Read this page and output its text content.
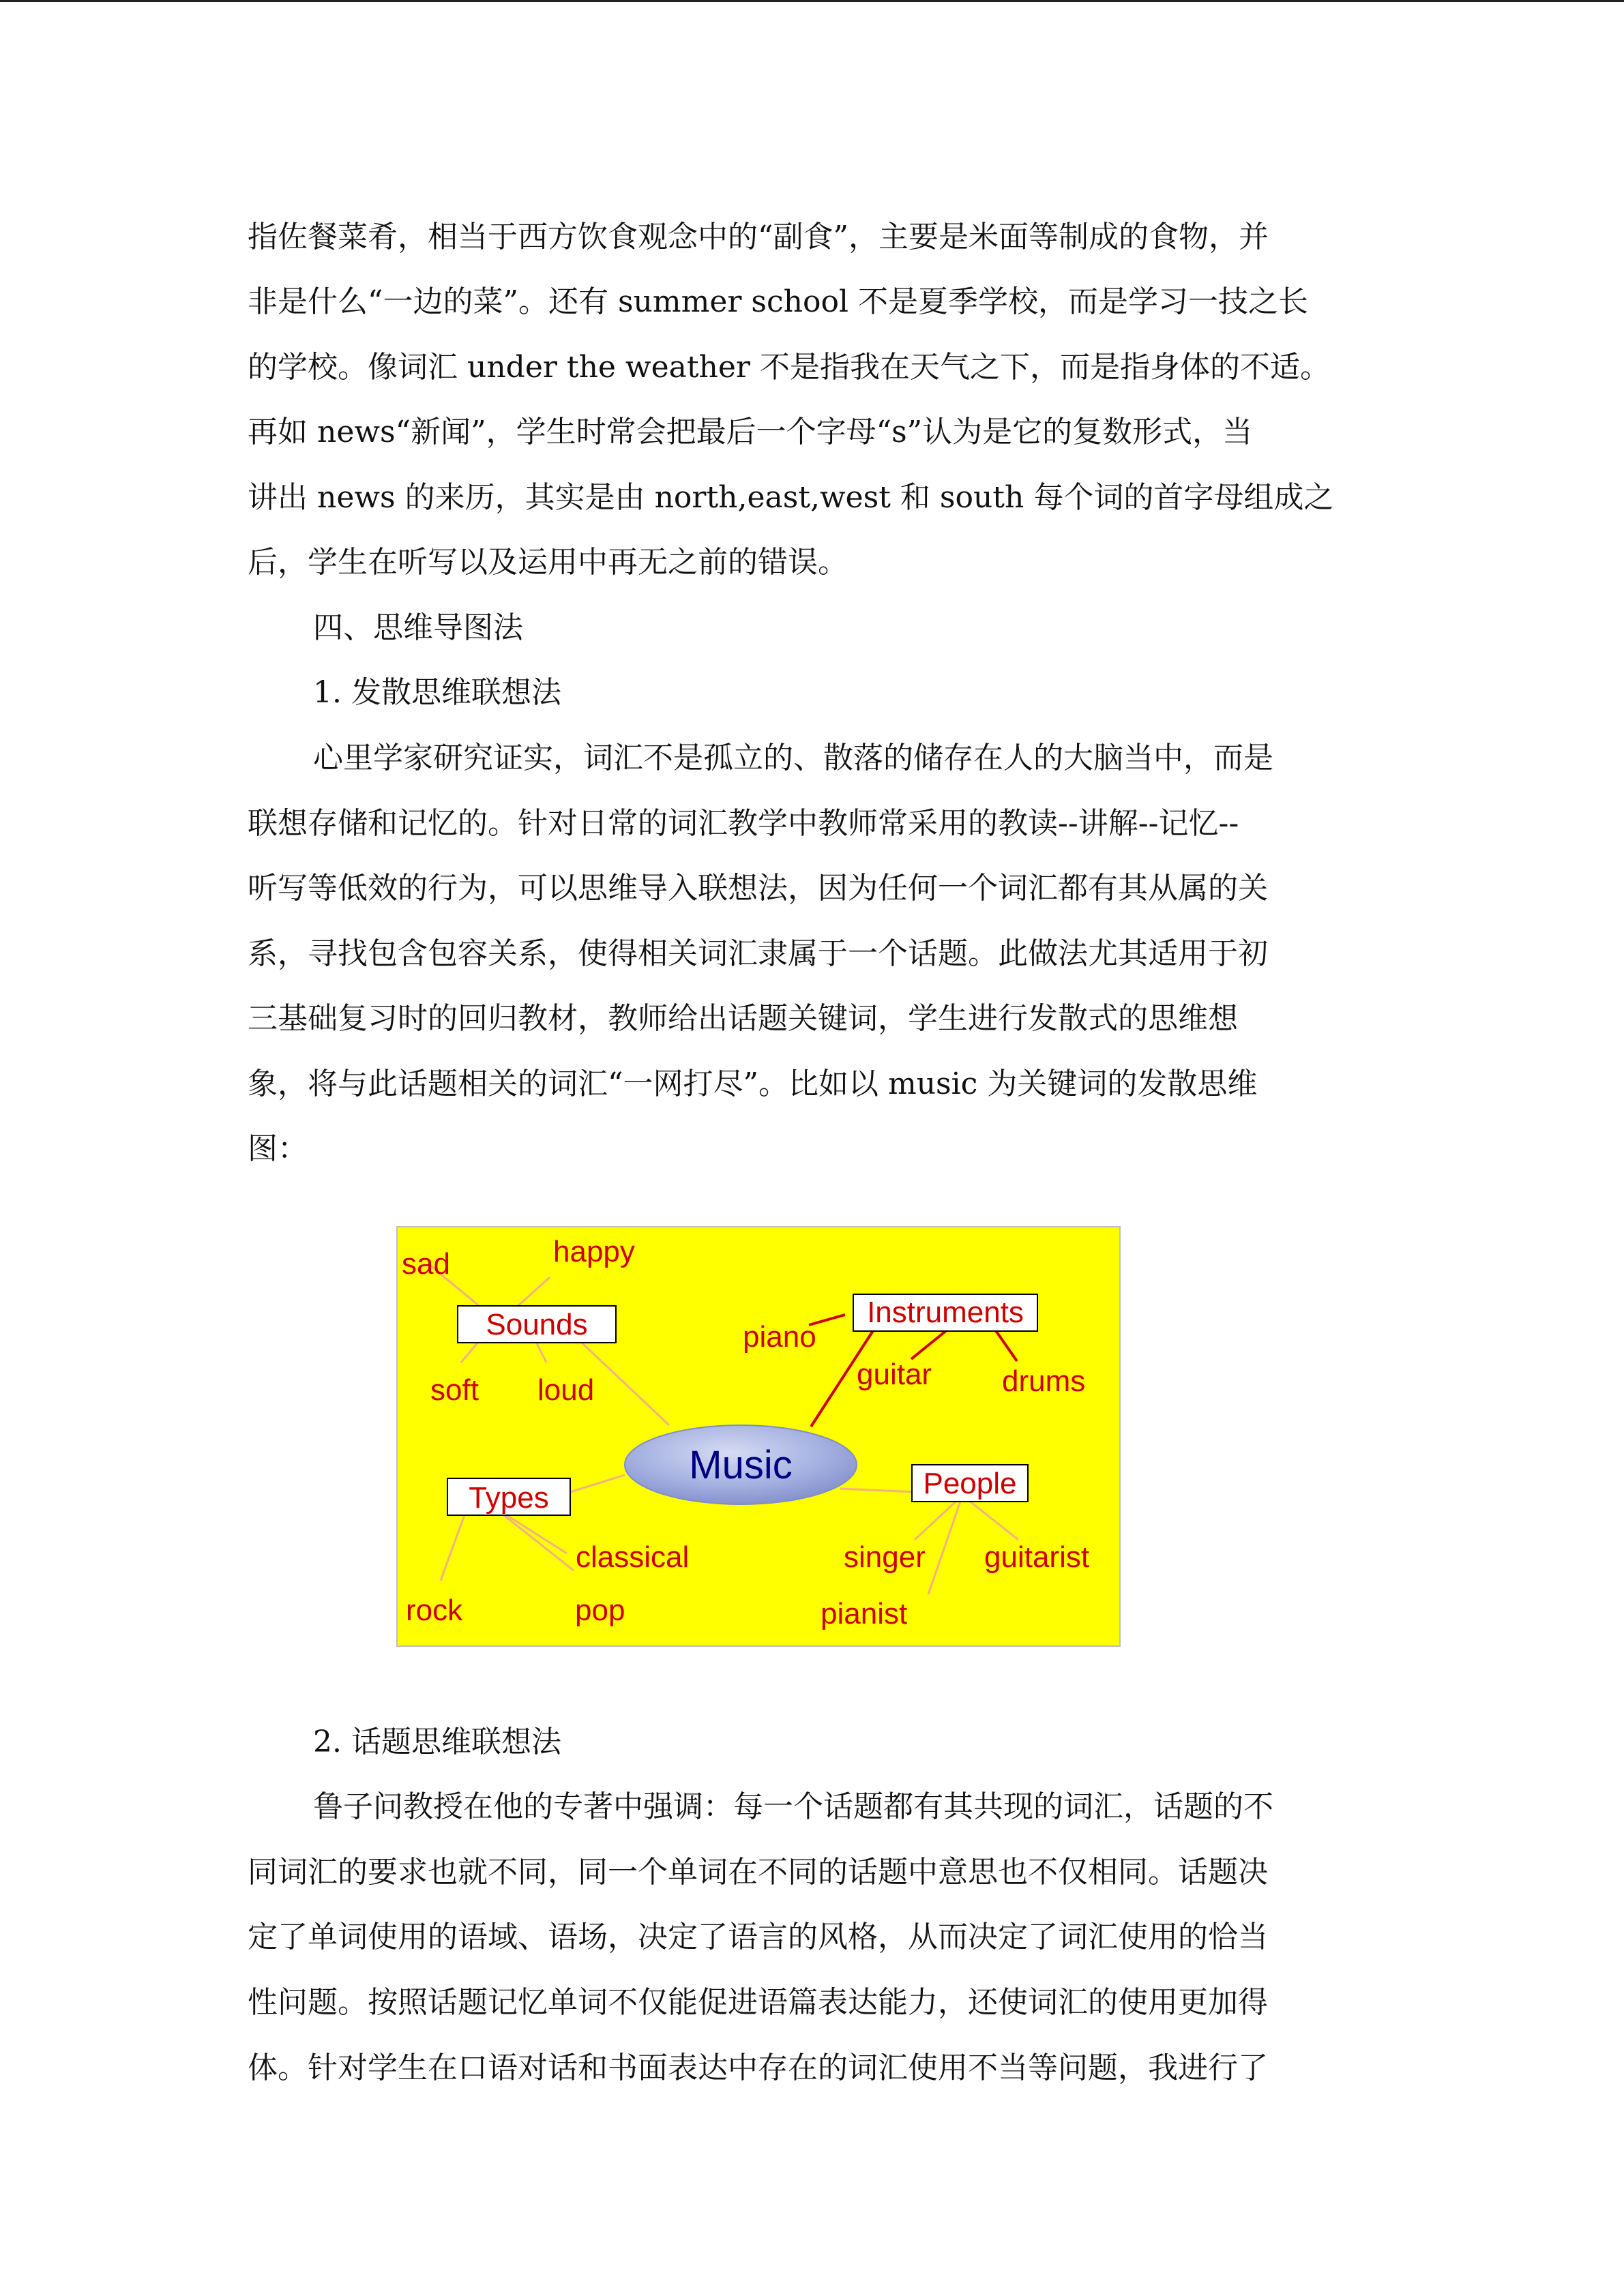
指佐餐菜肴，相当于西方饮食观念中的“副食”，主要是米面等制成的食物，并
非是什么“一边的菜”。还有 summer school 不是夏季学校，而是学习一技之长
的学校。像词汇 under the weather 不是指我在天气之下，而是指身体的不适。
再如 news“新闻”，学生时常会把最后一个字母“s”认为是它的复数形式，当
讲出 news 的来历，其实是由 north,east,west 和 south 每个词的首字母组成之
后，学生在听写以及运用中再无之前的错误。
四、思维导图法
1. 发散思维联想法
心里学家研究证实，词汇不是孤立的、散落的储存在人的大脑当中，而是
联想存储和记忆的。针对日常的词汇教学中教师常采用的教读--讲解--记忆--
听写等低效的行为，可以思维导入联想法，因为任何一个词汇都有其从属的关
系，寻找包含包容关系，使得相关词汇隶属于一个话题。此做法尤其适用于初
三基础复习时的回归教材，教师给出话题关键词，学生进行发散式的思维想
象，将与此话题相关的词汇“一网打尽”。比如以 music 为关键词的发散思维
图：
Music
Sounds	Instruments
Types	People
sad	happy
soft loud
piano
guitar drums
classical
rock	pop
singer guitarist
pianist
2. 话题思维联想法
鲁子问教授在他的专著中强调：每一个话题都有其共现的词汇，话题的不
同词汇的要求也就不同，同一个单词在不同的话题中意思也不仅相同。话题决
定了单词使用的语域、语场，决定了语言的风格，从而决定了词汇使用的恰当
性问题。按照话题记忆单词不仅能促进语篇表达能力，还使词汇的使用更加得
体。针对学生在口语对话和书面表达中存在的词汇使用不当等问题，我进行了
